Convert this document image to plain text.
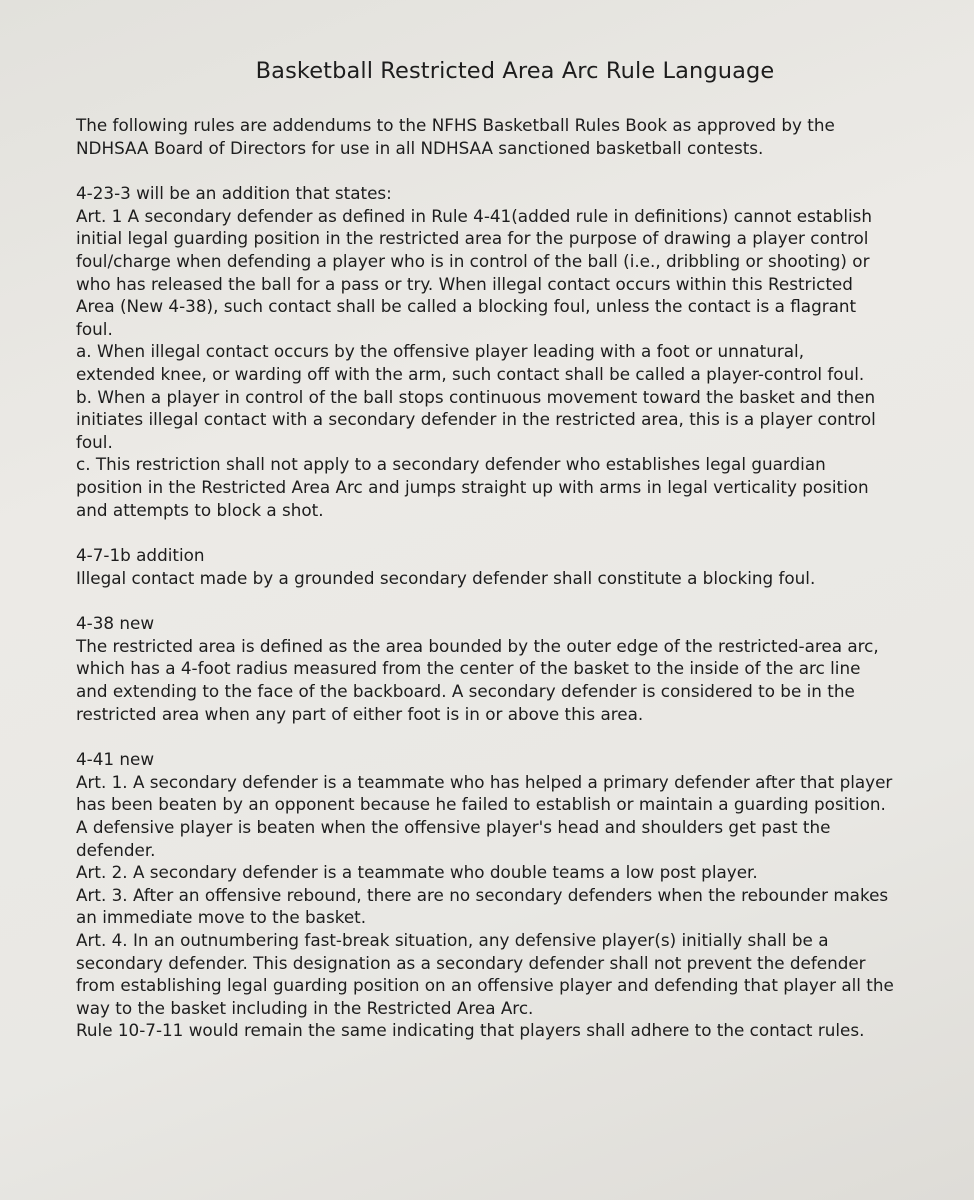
Basketball Restricted Area Arc Rule Language
The following rules are addendums to the NFHS Basketball Rules Book as approved by the
NDHSAA Board of Directors for use in all NDHSAA sanctioned basketball contests.
4-23-3 will be an addition that states:
Art. 1 A secondary defender as defined in Rule 4-41(added rule in definitions) cannot establish
initial legal guarding position in the restricted area for the purpose of drawing a player control
foul/charge when defending a player who is in control of the ball (i.e., dribbling or shooting) or
who has released the ball for a pass or try. When illegal contact occurs within this Restricted
Area (New 4-38), such contact shall be called a blocking foul, unless the contact is a flagrant
foul.
a. When illegal contact occurs by the offensive player leading with a foot or unnatural,
extended knee, or warding off with the arm, such contact shall be called a player-control foul.
b. When a player in control of the ball stops continuous movement toward the basket and then
initiates illegal contact with a secondary defender in the restricted area, this is a player control
foul.
c. This restriction shall not apply to a secondary defender who establishes legal guardian
position in the Restricted Area Arc and jumps straight up with arms in legal verticality position
and attempts to block a shot.
4-7-1b addition
Illegal contact made by a grounded secondary defender shall constitute a blocking foul.
4-38 new
The restricted area is defined as the area bounded by the outer edge of the restricted-area arc,
which has a 4-foot radius measured from the center of the basket to the inside of the arc line
and extending to the face of the backboard. A secondary defender is considered to be in the
restricted area when any part of either foot is in or above this area.
4-41 new
Art. 1. A secondary defender is a teammate who has helped a primary defender after that player
has been beaten by an opponent because he failed to establish or maintain a guarding position.
A defensive player is beaten when the offensive player's head and shoulders get past the
defender.
Art. 2. A secondary defender is a teammate who double teams a low post player.
Art. 3. After an offensive rebound, there are no secondary defenders when the rebounder makes
an immediate move to the basket.
Art. 4. In an outnumbering fast-break situation, any defensive player(s) initially shall be a
secondary defender. This designation as a secondary defender shall not prevent the defender
from establishing legal guarding position on an offensive player and defending that player all the
way to the basket including in the Restricted Area Arc.
Rule 10-7-11 would remain the same indicating that players shall adhere to the contact rules.
